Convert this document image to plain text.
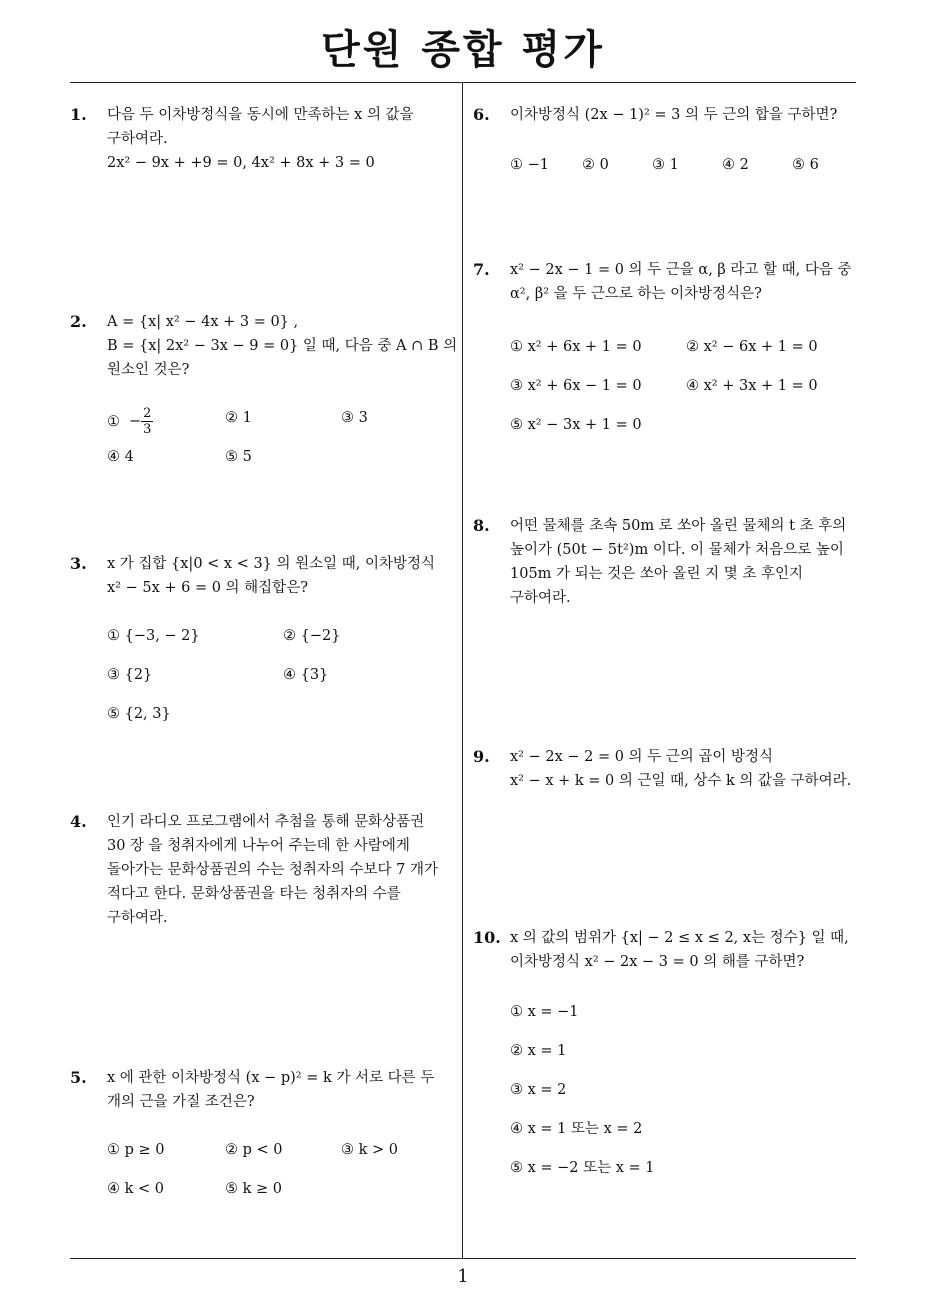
단원 종합 평가
1. 다음 두 이차방정식을 동시에 만족하는 x 의 값을
구하여라.
2x² − 9x + +9 = 0, 4x² + 8x + 3 = 0
2. A = {x| x² − 4x + 3 = 0} ,
B = {x| 2x² − 3x − 9 = 0} 일 때, 다음 중 A ∩ B 의
원소인 것은?
① − $\frac{2}{3}$	② 1	③ 3
④ 4	⑤ 5
3. x 가 집합 {x|0 < x < 3} 의 원소일 때, 이차방정식
x² − 5x + 6 = 0 의 해집합은?
① {−3, − 2}	② {−2}
③ {2}	④ {3}
⑤ {2, 3}
4. 인기 라디오 프로그램에서 추첨을 통해 문화상품권
30 장 을 청취자에게 나누어 주는데 한 사람에게
돌아가는 문화상품권의 수는 청취자의 수보다 7 개가
적다고 한다. 문화상품권을 타는 청취자의 수를
구하여라.
5. x 에 관한 이차방정식 (x − p)² = k 가 서로 다른 두
개의 근을 가질 조건은?
① p ≥ 0	② p < 0	③ k > 0
④ k < 0	⑤ k ≥ 0
6. 이차방정식 (2x − 1)² = 3 의 두 근의 합을 구하면?
① −1 ② 0	③ 1	④ 2	⑤ 6
7. x² − 2x − 1 = 0 의 두 근을 α, β 라고 할 때, 다음 중
α², β² 을 두 근으로 하는 이차방정식은?
① x² + 6x + 1 = 0	② x² − 6x + 1 = 0
③ x² + 6x − 1 = 0	④ x² + 3x + 1 = 0
⑤ x² − 3x + 1 = 0
8. 어떤 물체를 초속 50m 로 쏘아 올린 물체의 t 초 후의
높이가 (50t − 5t²)m 이다. 이 물체가 처음으로 높이
105m 가 되는 것은 쏘아 올린 지 몇 초 후인지
구하여라.
9. x² − 2x − 2 = 0 의 두 근의 곱이 방정식
x² − x + k = 0 의 근일 때, 상수 k 의 값을 구하여라.
10. x 의 값의 범위가 {x| − 2 ≤ x ≤ 2, x는 정수} 일 때,
이차방정식 x² − 2x − 3 = 0 의 해를 구하면?
① x = −1
② x = 1
③ x = 2
④ x = 1 또는 x = 2
⑤ x = −2 또는 x = 1
1
